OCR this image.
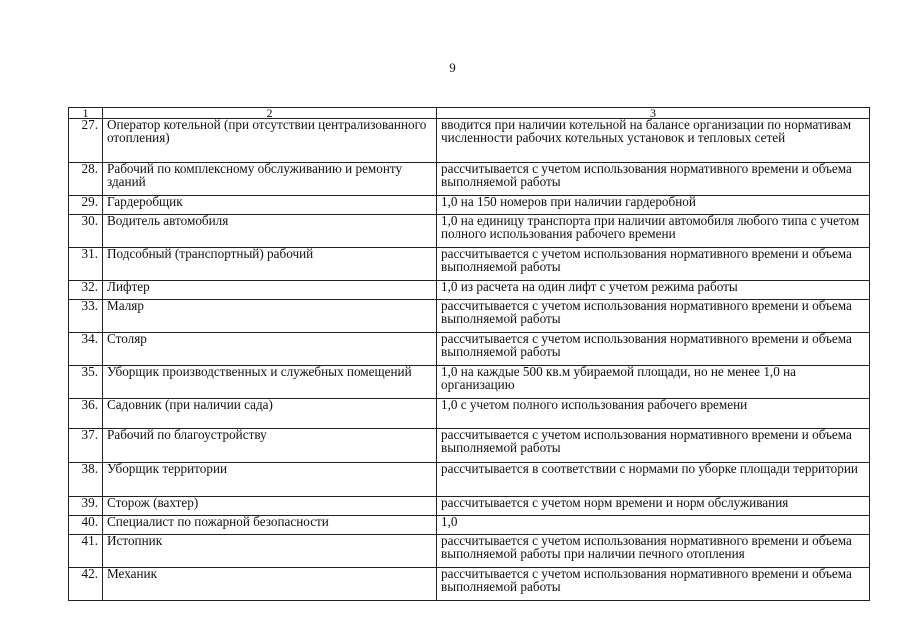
9
1	2	3
27.	Оператор котельной (при отсутствии централизованного отопления)	вводится при наличии котельной на балансе организации по нормативам численности рабочих котельных установок и тепловых сетей
28.	Рабочий по комплексному обслуживанию и ремонту зданий	рассчитывается с учетом использования нормативного времени и объема выполняемой работы
29.	Гардеробщик	1,0 на 150 номеров при наличии гардеробной
30.	Водитель автомобиля	1,0 на единицу транспорта при наличии автомобиля любого типа с учетом полного использования рабочего времени
31.	Подсобный (транспортный) рабочий	рассчитывается с учетом использования нормативного времени и объема выполняемой работы
32.	Лифтер	1,0 из расчета на один лифт с учетом режима работы
33.	Маляр	рассчитывается с учетом использования нормативного времени и объема выполняемой работы
34.	Столяр	рассчитывается с учетом использования нормативного времени и объема выполняемой работы
35.	Уборщик производственных и служебных помещений	1,0 на каждые 500 кв.м убираемой площади, но не менее 1,0 на организацию
36.	Садовник (при наличии сада)	1,0 с учетом полного использования рабочего времени
37.	Рабочий по благоустройству	рассчитывается с учетом использования нормативного времени и объема выполняемой работы
38.	Уборщик территории	рассчитывается в соответствии с нормами по уборке площади территории
39.	Сторож (вахтер)	рассчитывается с учетом норм времени и норм обслуживания
40.	Специалист по пожарной безопасности	1,0
41.	Истопник	рассчитывается с учетом использования нормативного времени и объема выполняемой работы при наличии печного отопления
42.	Механик	рассчитывается с учетом использования нормативного времени и объема выполняемой работы
